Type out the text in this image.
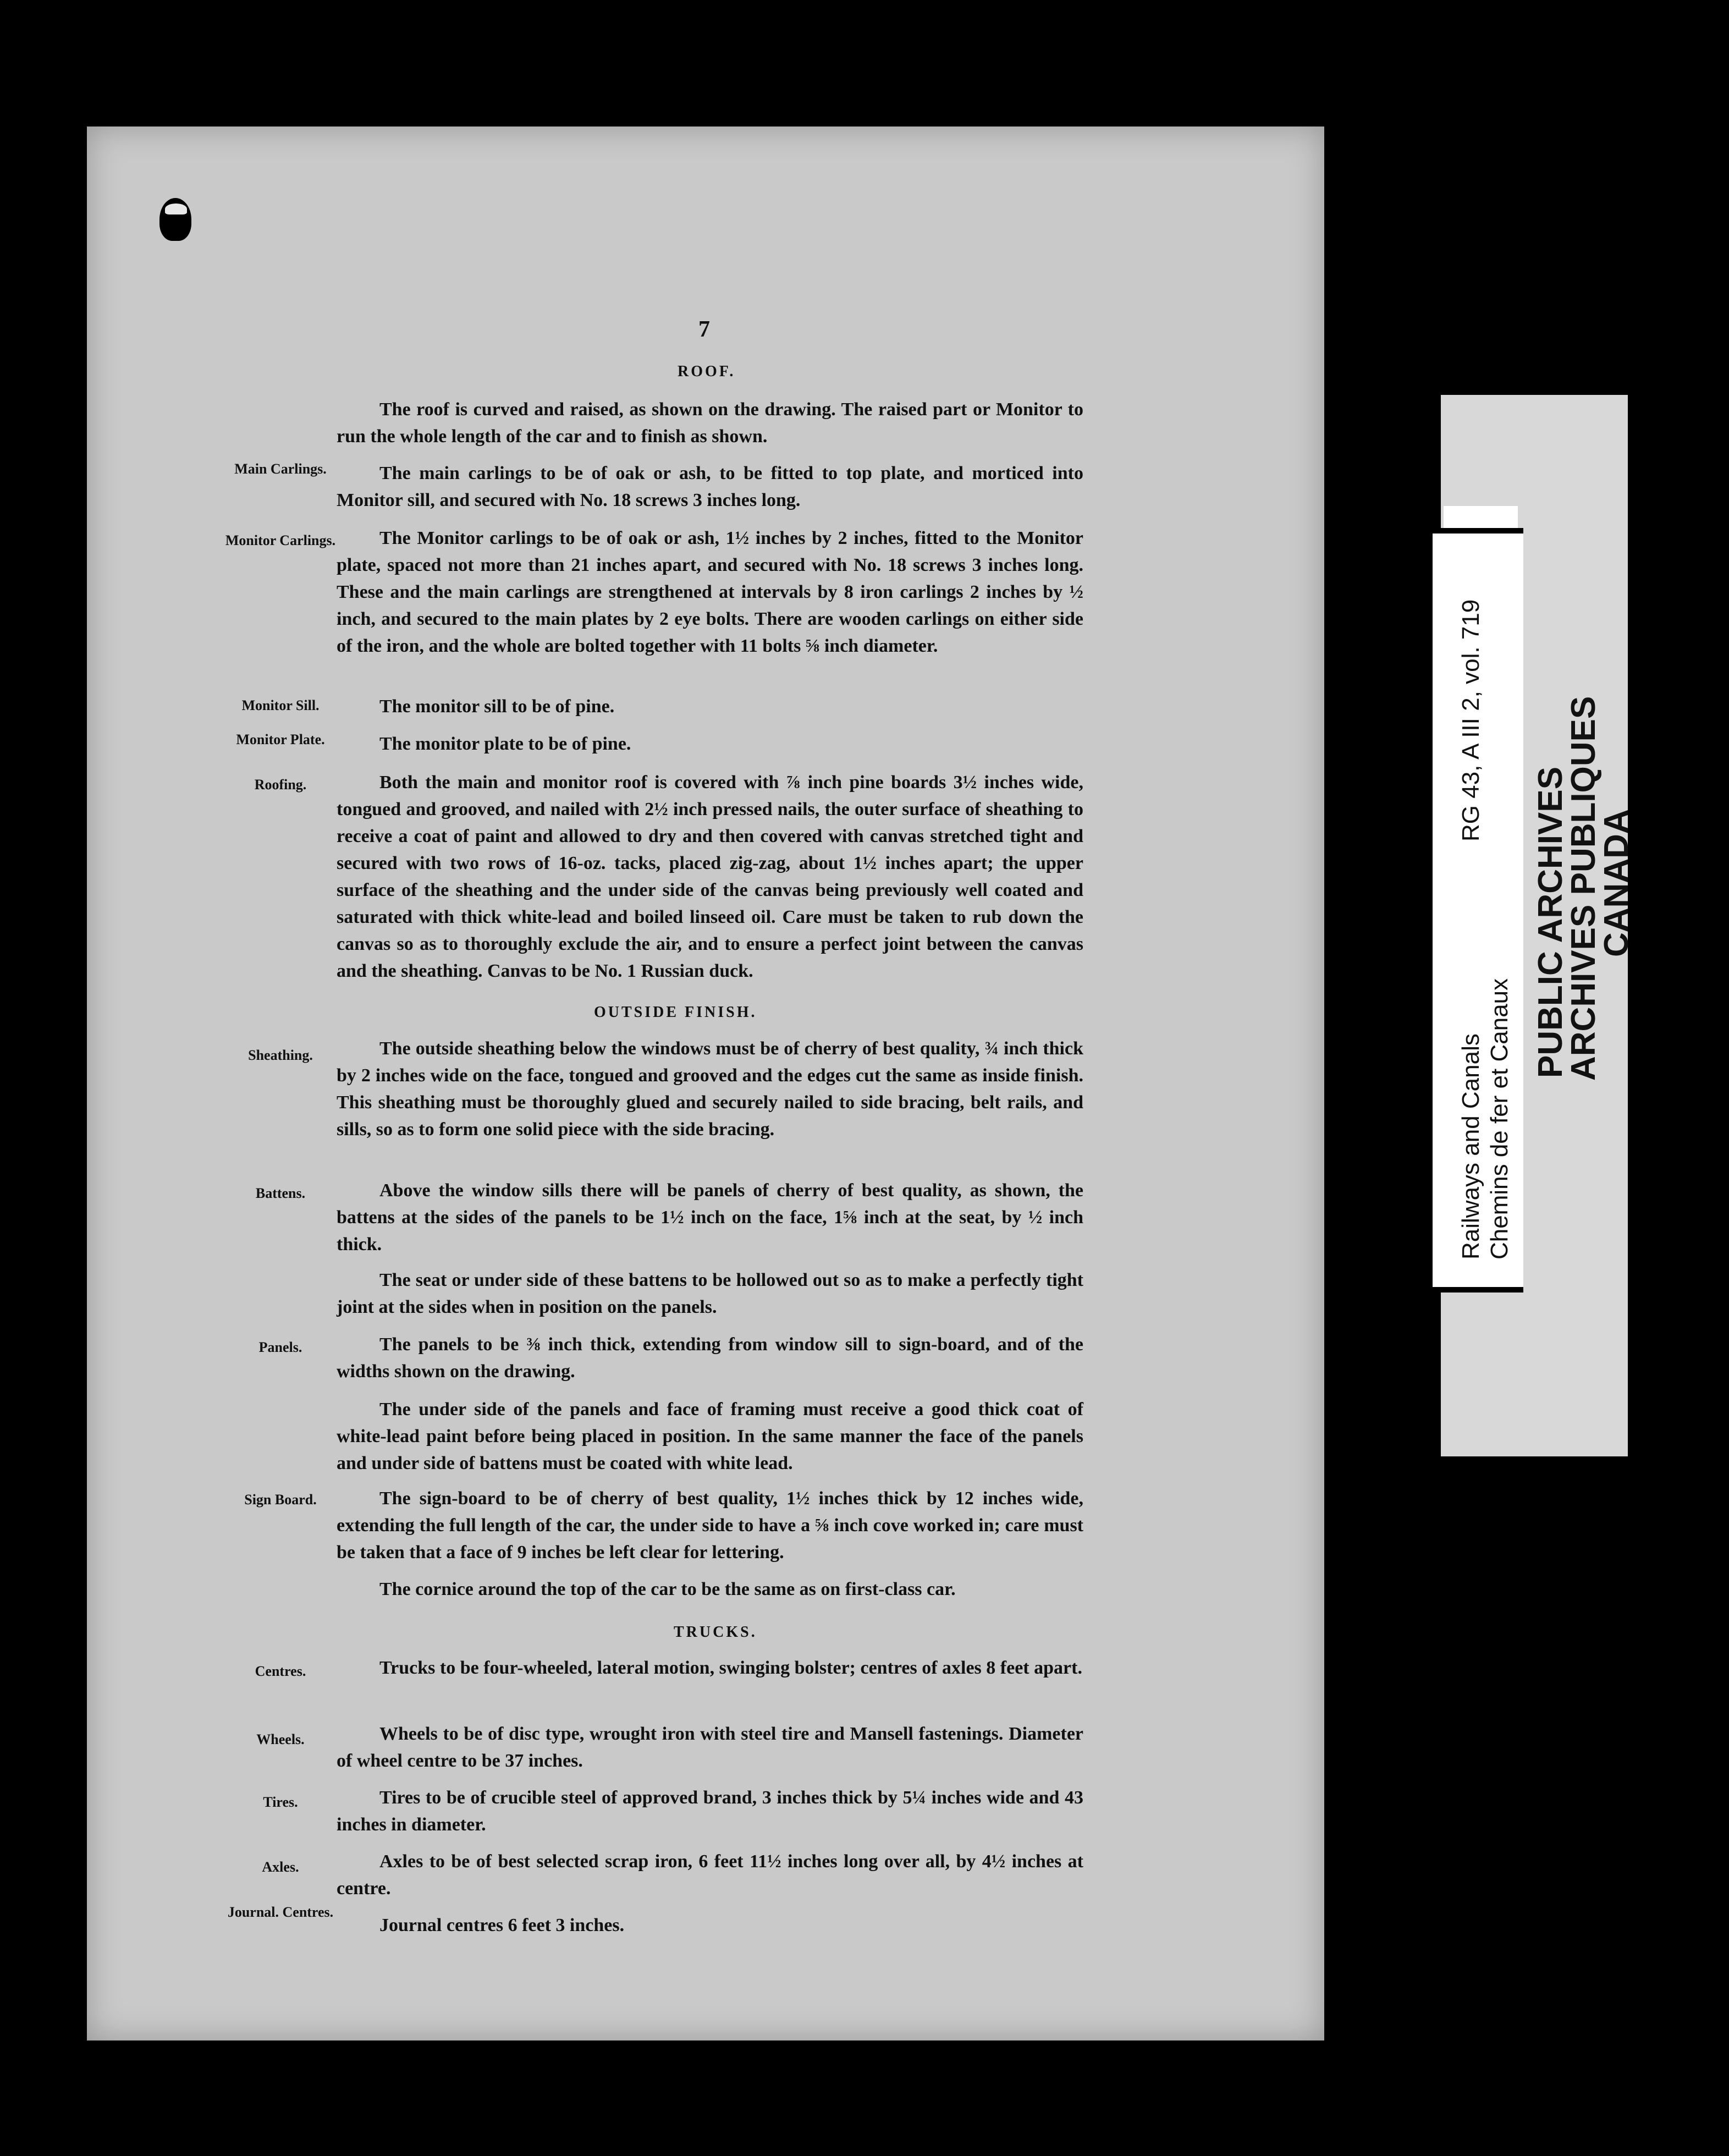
7
ROOF.
The roof is curved and raised, as shown on the drawing. The raised part or Monitor to run the whole length of the car and to finish as shown.
Main Carlings.	The main carlings to be of oak or ash, to be fitted to top plate, and morticed into Monitor sill, and secured with No. 18 screws 3 inches long.
Monitor Carlings.	The Monitor carlings to be of oak or ash, 1½ inches by 2 inches, fitted to the Monitor plate, spaced not more than 21 inches apart, and secured with No. 18 screws 3 inches long. These and the main carlings are strengthened at intervals by 8 iron carlings 2 inches by ½ inch, and secured to the main plates by 2 eye bolts. There are wooden carlings on either side of the iron, and the whole are bolted together with 11 bolts ⅝ inch diameter.
Monitor Sill.	The monitor sill to be of pine.
Monitor Plate.	The monitor plate to be of pine.
Roofing.	Both the main and monitor roof is covered with ⅞ inch pine boards 3½ inches wide, tongued and grooved, and nailed with 2½ inch pressed nails, the outer surface of sheathing to receive a coat of paint and allowed to dry and then covered with canvas stretched tight and secured with two rows of 16-oz. tacks, placed zig-zag, about 1½ inches apart; the upper surface of the sheathing and the under side of the canvas being previously well coated and saturated with thick white-lead and boiled linseed oil. Care must be taken to rub down the canvas so as to thoroughly exclude the air, and to ensure a perfect joint between the canvas and the sheathing. Canvas to be No. 1 Russian duck.
OUTSIDE FINISH.
Sheathing.	The outside sheathing below the windows must be of cherry of best quality, ¾ inch thick by 2 inches wide on the face, tongued and grooved and the edges cut the same as inside finish. This sheathing must be thoroughly glued and securely nailed to side bracing, belt rails, and sills, so as to form one solid piece with the side bracing.
Battens.	Above the window sills there will be panels of cherry of best quality, as shown, the battens at the sides of the panels to be 1½ inch on the face, 1⅝ inch at the seat, by ½ inch thick.
The seat or under side of these battens to be hollowed out so as to make a perfectly tight joint at the sides when in position on the panels.
Panels.	The panels to be ⅜ inch thick, extending from window sill to sign-board, and of the widths shown on the drawing.
The under side of the panels and face of framing must receive a good thick coat of white-lead paint before being placed in position. In the same manner the face of the panels and under side of battens must be coated with white lead.
Sign Board.	The sign-board to be of cherry of best quality, 1½ inches thick by 12 inches wide, extending the full length of the car, the under side to have a ⅝ inch cove worked in; care must be taken that a face of 9 inches be left clear for lettering.
The cornice around the top of the car to be the same as on first-class car.
TRUCKS.
Centres.	Trucks to be four-wheeled, lateral motion, swinging bolster; centres of axles 8 feet apart.
Wheels.	Wheels to be of disc type, wrought iron with steel tire and Mansell fastenings. Diameter of wheel centre to be 37 inches.
Tires.	Tires to be of crucible steel of approved brand, 3 inches thick by 5¼ inches wide and 43 inches in diameter.
Axles.	Axles to be of best selected scrap iron, 6 feet 11½ inches long over all, by 4½ inches at centre.
Journal. Centres.
Journal centres 6 feet 3 inches.
RG 43, A III 2, vol. 719
Railways and Canals Chemins de fer et Canaux
PUBLIC ARCHIVES
ARCHIVES PUBLIQUES
CANADA
